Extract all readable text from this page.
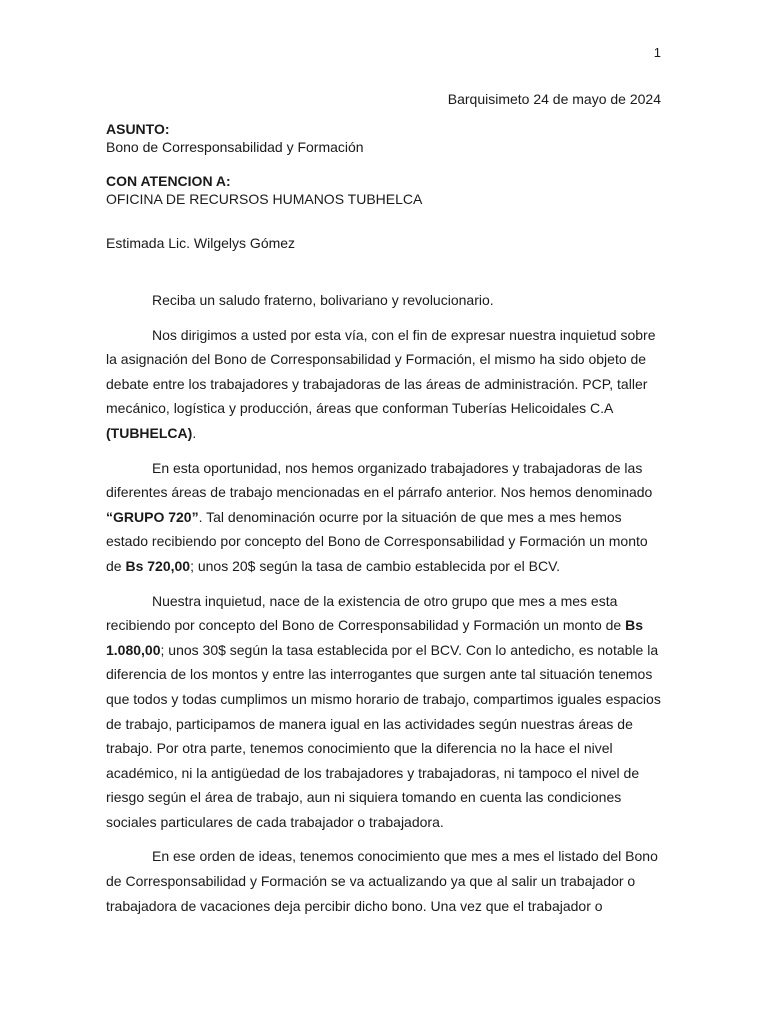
1
Barquisimeto 24 de mayo de 2024
ASUNTO:
Bono de Corresponsabilidad y Formación
CON ATENCION A:
OFICINA DE RECURSOS HUMANOS TUBHELCA
Estimada Lic. Wilgelys Gómez

Reciba un saludo fraterno, bolivariano y revolucionario.

Nos dirigimos a usted por esta vía, con el fin de expresar nuestra inquietud sobre la asignación del Bono de Corresponsabilidad y Formación, el mismo ha sido objeto de debate entre los trabajadores y trabajadoras de las áreas de administración. PCP, taller mecánico, logística y producción, áreas que conforman Tuberías Helicoidales C.A (TUBHELCA).

En esta oportunidad, nos hemos organizado trabajadores y trabajadoras de las diferentes áreas de trabajo mencionadas en el párrafo anterior. Nos hemos denominado “GRUPO 720”. Tal denominación ocurre por la situación de que mes a mes hemos estado recibiendo por concepto del Bono de Corresponsabilidad y Formación un monto de Bs 720,00; unos 20$ según la tasa de cambio establecida por el BCV.

Nuestra inquietud, nace de la existencia de otro grupo que mes a mes esta recibiendo por concepto del Bono de Corresponsabilidad y Formación un monto de Bs 1.080,00; unos 30$ según la tasa establecida por el BCV. Con lo antedicho, es notable la diferencia de los montos y entre las interrogantes que surgen ante tal situación tenemos que todos y todas cumplimos un mismo horario de trabajo, compartimos iguales espacios de trabajo, participamos de manera igual en las actividades según nuestras áreas de trabajo. Por otra parte, tenemos conocimiento que la diferencia no la hace el nivel académico, ni la antigüedad de los trabajadores y trabajadoras, ni tampoco el nivel de riesgo según el área de trabajo, aun ni siquiera tomando en cuenta las condiciones sociales particulares de cada trabajador o trabajadora.

En ese orden de ideas, tenemos conocimiento que mes a mes el listado del Bono de Corresponsabilidad y Formación se va actualizando ya que al salir un trabajador o trabajadora de vacaciones deja percibir dicho bono. Una vez que el trabajador o
